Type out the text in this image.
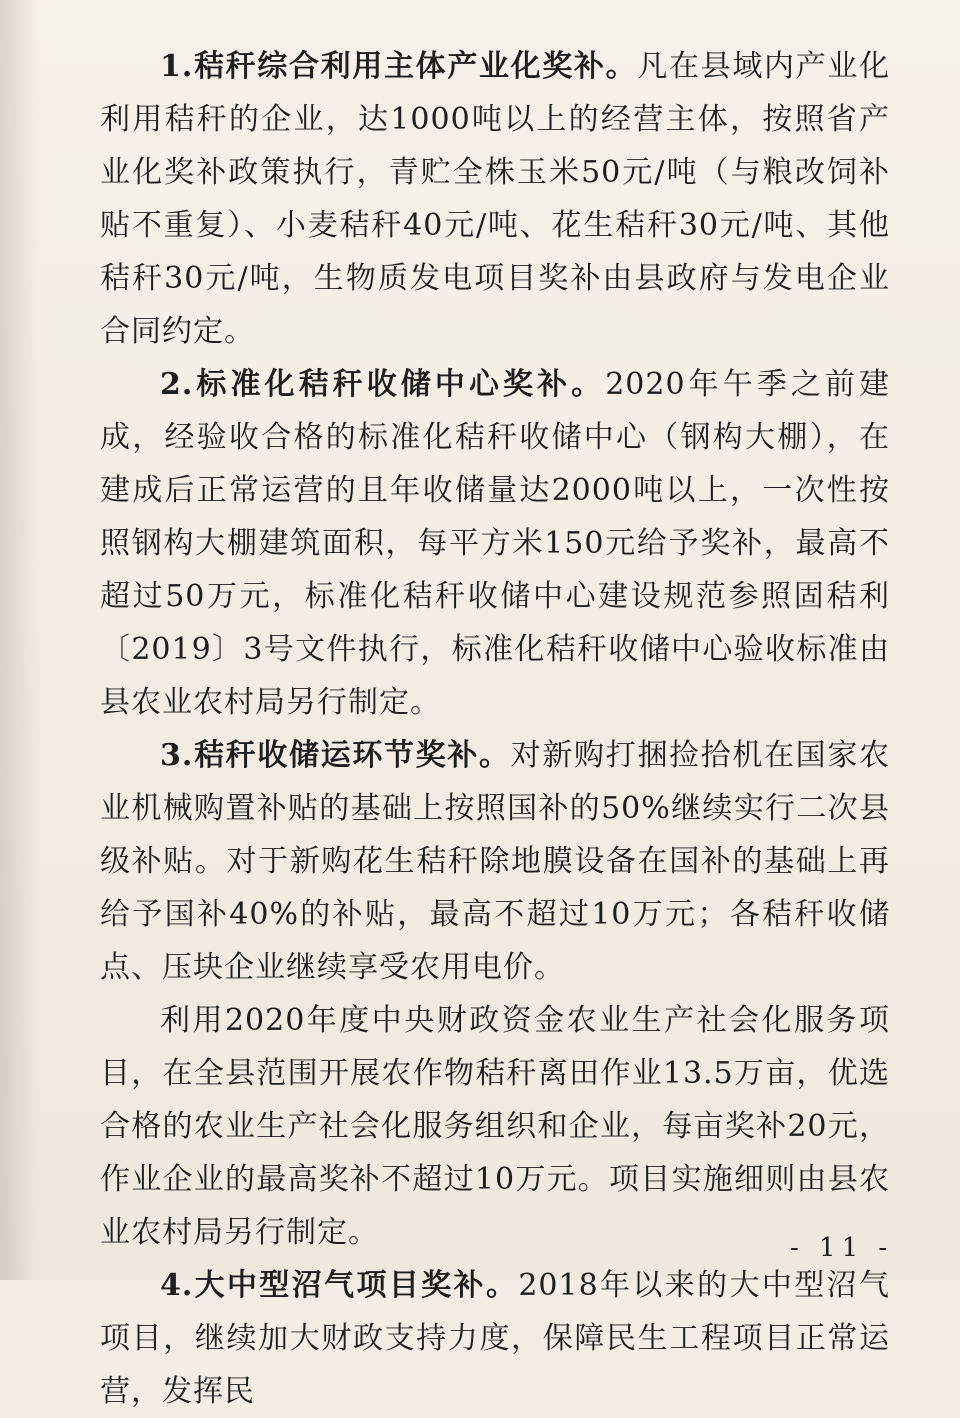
1.秸秆综合利用主体产业化奖补。凡在县域内产业化利用秸秆的企业，达1000吨以上的经营主体，按照省产业化奖补政策执行，青贮全株玉米50元/吨（与粮改饲补贴不重复）、小麦秸秆40元/吨、花生秸秆30元/吨、其他秸秆30元/吨，生物质发电项目奖补由县政府与发电企业合同约定。

2.标准化秸秆收储中心奖补。2020年午季之前建成，经验收合格的标准化秸秆收储中心（钢构大棚），在建成后正常运营的且年收储量达2000吨以上，一次性按照钢构大棚建筑面积，每平方米150元给予奖补，最高不超过50万元，标准化秸秆收储中心建设规范参照固秸利〔2019〕3号文件执行，标准化秸秆收储中心验收标准由县农业农村局另行制定。

3.秸秆收储运环节奖补。对新购打捆捡拾机在国家农业机械购置补贴的基础上按照国补的50%继续实行二次县级补贴。对于新购花生秸秆除地膜设备在国补的基础上再给予国补40%的补贴，最高不超过10万元；各秸秆收储点、压块企业继续享受农用电价。

利用2020年度中央财政资金农业生产社会化服务项目，在全县范围开展农作物秸秆离田作业13.5万亩，优选合格的农业生产社会化服务组织和企业，每亩奖补20元，作业企业的最高奖补不超过10万元。项目实施细则由县农业农村局另行制定。

4.大中型沼气项目奖补。2018年以来的大中型沼气项目，继续加大财政支持力度，保障民生工程项目正常运营，发挥民

- 11 -
